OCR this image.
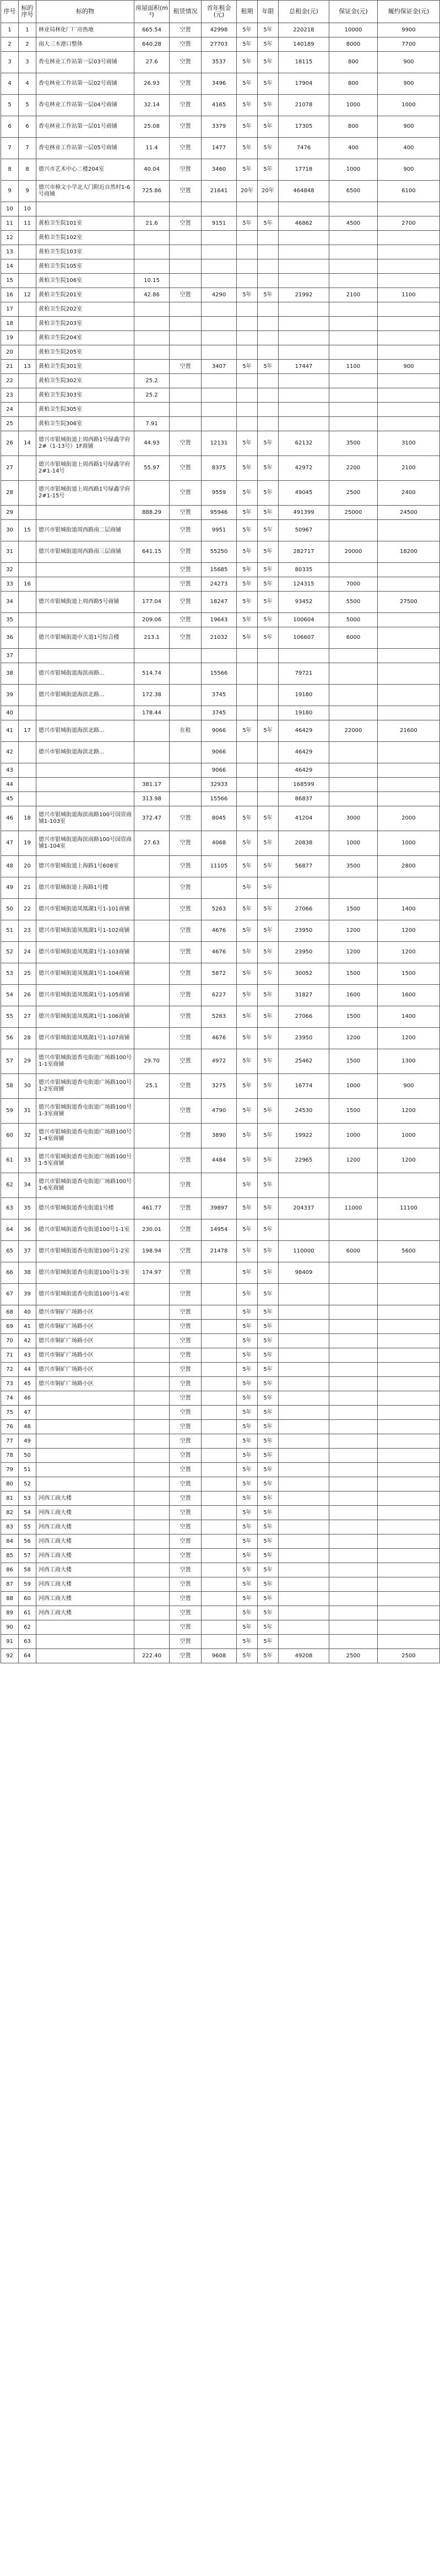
序号	标的序号	标的物	房屋面积(m²)	租赁情况	首年租金(元)	租期	年限	总租金(元)	保证金(元)	履约保证金(元)
1	1	林业局林化厂厂房热地	665.54	空置	42998	5年	5年	220218	10000	9900
2	2	南大三木港口整体	640.28	空置	27703	5年	5年	140189	8000	7700
3	3	香屯林业工作站第一层03号商铺	27.6	空置	3537	5年	5年	18115	800	900
4	4	香屯林业工作站第一层02号商铺	26.93	空置	3496	5年	5年	17904	800	900
5	5	香屯林业工作站第一层04号商铺	32.14	空置	4165	5年	5年	21078	1000	1000
6	6	香屯林业工作站第一层01号商铺	25.08	空置	3379	5年	5年	17305	800	900
7	7	香屯林业工作站第一层05号商铺	11.4	空置	1477	5年	5年	7476	400	400
8	8	德兴市艺术中心二楼204室	40.04	空置	3460	5年	5年	17718	1000	900
9	9	德兴市樟文小学北大门附近自然村1-6号商铺	725.86	空置	21641	20年	20年	464848	6500	6100
10	10									
11	11	黄柏卫生院101室	21.6	空置	9151	5年	5年	46862	4500	2700
12		黄柏卫生院102室								
13		黄柏卫生院103室								
14		黄柏卫生院105室								
15		黄柏卫生院106室	10.15							
16	12	黄柏卫生院201室	42.86	空置	4290	5年	5年	21992	2100	1100
17		黄柏卫生院202室								
18		黄柏卫生院203室								
19		黄柏卫生院204室								
20		黄柏卫生院205室								
21	13	黄柏卫生院301室		空置	3407	5年	5年	17447	1100	900
22		黄柏卫生院302室	25.2							
23		黄柏卫生院303室	25.2							
24		黄柏卫生院305室								
25		黄柏卫生院306室	7.91							
26	14	德兴市银城街道上周西路1号绿鑫学府2#（1-13号）1F商铺	44.93	空置	12131	5年	5年	62132	3500	3100
27		德兴市银城街道上周西路1号绿鑫学府2#1-14号	55.97	空置	8375	5年	5年	42972	2200	2100
28		德兴市银城街道上周西路1号绿鑫学府2#1-15号		空置	9559	5年	5年	49045	2500	2400
29			888.29	空置	95946	5年	5年	491399	25000	24500
30	15	德兴市银城街道周西路南二层商铺		空置	9951	5年	5年	50967		
31		德兴市银城街道周西路南三层商铺	641.15	空置	55250	5年	5年	282717	20000	18200
32				空置	15685	5年	5年	80335		
33	16			空置	24273	5年	5年	124315	7000	
34		德兴市银城街道上周西路5号商铺	177.04	空置	18247	5年	5年	93452	5500	27500
35			209.06	空置	19643	5年	5年	100604	5000	
36		德兴市银城街道中大道1号综合楼	213.1	空置	21032	5年	5年	106607	6000	
37										
38		德兴市银城街道海滨南路...	514.74		15566			79721		
39		德兴市银城街道海滨北路...	172.38		3745			19180		
40			178.44		3745			19180		
41	17	德兴市银城街道海滨北路...		在租	9066	5年	5年	46429	22000	21600
42		德兴市银城街道海滨北路...			9066			46429		
43					9066			46429		
44			381.17		32933			168599		
45			313.98		15566			86837		
46	18	德兴市银城街道海滨南路100号国资商铺1-103室	372.47	空置	8045	5年	5年	41204	3000	2000
47	19	德兴市银城街道海滨南路100号国资商铺1-104室	27.63	空置	4068	5年	5年	20838	1000	1000
48	20	德兴市银城街道上海路1号608室		空置	11105	5年	5年	56877	3500	2800
49	21	德兴市银城街道上海路1号楼		空置		5年	5年			
50	22	德兴市银城街道凤凰湖1号1-101商铺		空置	5263	5年	5年	27066	1500	1400
51	23	德兴市银城街道凤凰湖1号1-102商铺		空置	4676	5年	5年	23950	1200	1200
52	24	德兴市银城街道凤凰湖1号1-103商铺		空置	4676	5年	5年	23950	1200	1200
53	25	德兴市银城街道凤凰湖1号1-104商铺		空置	5872	5年	5年	30052	1500	1500
54	26	德兴市银城街道凤凰湖1号1-105商铺		空置	6227	5年	5年	31827	1600	1600
55	27	德兴市银城街道凤凰湖1号1-106商铺		空置	5263	5年	5年	27066	1500	1400
56	28	德兴市银城街道凤凰湖1号1-107商铺		空置	4676	5年	5年	23950	1200	1200
57	29	德兴市银城街道香屯街道广场路100号1-1室商铺	29.70	空置	4972	5年	5年	25462	1500	1300
58	30	德兴市银城街道香屯街道广场路100号1-2室商铺	25.1	空置	3275	5年	5年	16774	1000	900
59	31	德兴市银城街道香屯街道广场路100号1-3室商铺		空置	4790	5年	5年	24530	1500	1200
60	32	德兴市银城街道香屯街道广场路100号1-4室商铺		空置	3890	5年	5年	19922	1000	1000
61	33	德兴市银城街道香屯街道广场路100号1-5室商铺		空置	4484	5年	5年	22965	1200	1200
62	34	德兴市银城街道香屯街道广场路100号1-6室商铺		空置		5年	5年			
63	35	德兴市银城街道香屯街道1号楼	461.77	空置	39897	5年	5年	204337	11000	11100
64	36	德兴市银城街道香屯街道100号1-1室	230.01	空置	14954	5年	5年			
65	37	德兴市银城街道香屯街道100号1-2室	198.94	空置	21478	5年	5年	110000	6000	5600
66	38	德兴市银城街道香屯街道100号1-3室	174.97	空置		5年	5年	98409		
67	39	德兴市银城街道香屯街道100号1-4室		空置		5年	5年			
68	40	德兴市铜矿广场路小区		空置		5年	5年			
69	41	德兴市铜矿广场路小区		空置		5年	5年			
70	42	德兴市铜矿广场路小区		空置		5年	5年			
71	43	德兴市铜矿广场路小区		空置		5年	5年			
72	44	德兴市铜矿广场路小区		空置		5年	5年			
73	45	德兴市铜矿广场路小区		空置		5年	5年			
74	46			空置		5年	5年			
75	47			空置		5年	5年			
76	48			空置		5年	5年			
77	49			空置		5年	5年			
78	50			空置		5年	5年			
79	51			空置		5年	5年			
80	52			空置		5年	5年			
81	53	河西工商大楼		空置		5年	5年			
82	54	河西工商大楼		空置		5年	5年			
83	55	河西工商大楼		空置		5年	5年			
84	56	河西工商大楼		空置		5年	5年			
85	57	河西工商大楼		空置		5年	5年			
86	58	河西工商大楼		空置		5年	5年			
87	59	河西工商大楼		空置		5年	5年			
88	60	河西工商大楼		空置		5年	5年			
89	61	河西工商大楼		空置		5年	5年			
90	62			空置		5年	5年			
91	63			空置		5年	5年			
92	64		222.40	空置	9608	5年	5年	49208	2500	2500
